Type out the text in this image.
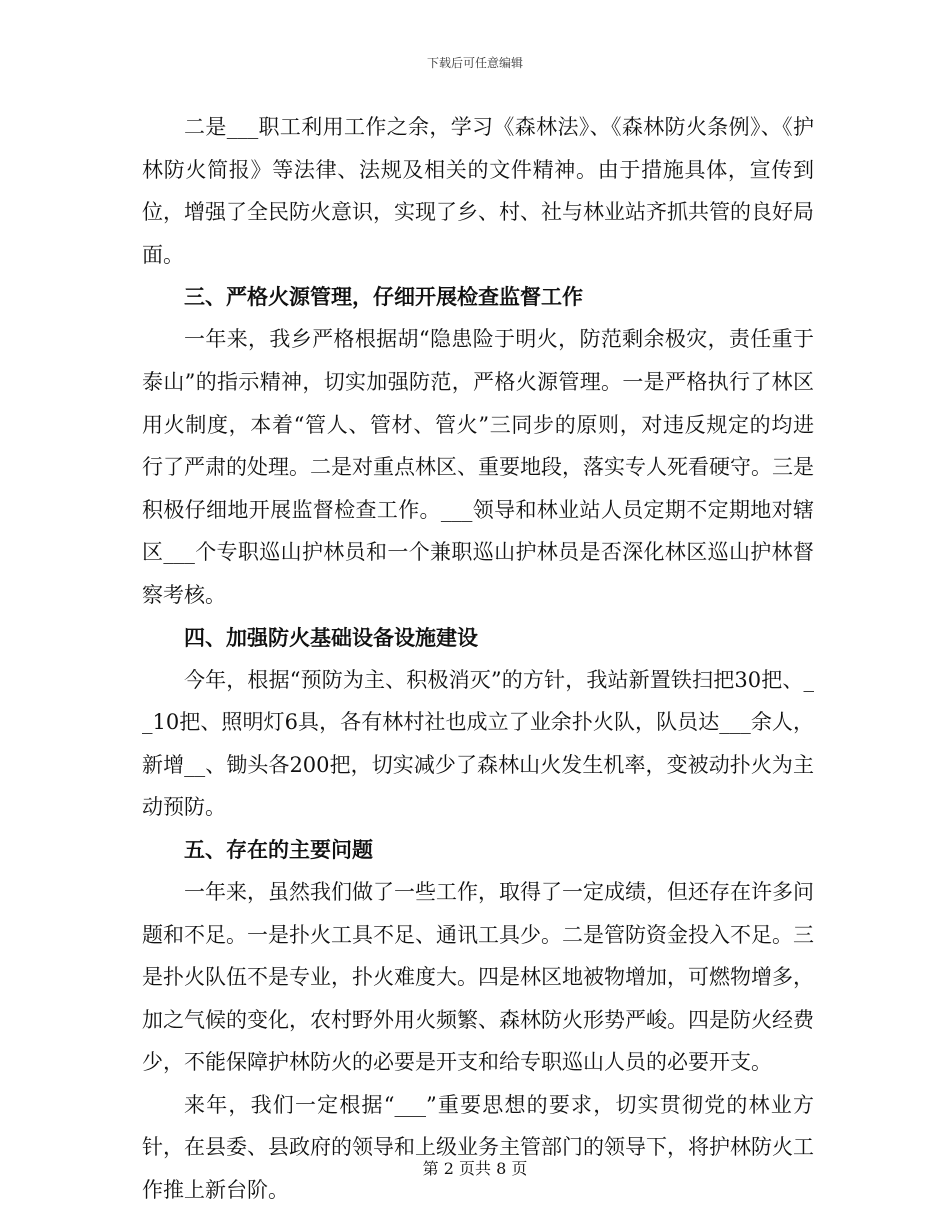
下载后可任意编辑

二是___职工利用工作之余，学习《森林法》、《森林防火条例》、《护林防火简报》等法律、法规及相关的文件精神。由于措施具体，宣传到位，增强了全民防火意识，实现了乡、村、社与林业站齐抓共管的良好局面。

三、严格火源管理，仔细开展检查监督工作

一年来，我乡严格根据胡“隐患险于明火，防范剩余极灾，责任重于泰山”的指示精神，切实加强防范，严格火源管理。一是严格执行了林区用火制度，本着“管人、管材、管火”三同步的原则，对违反规定的均进行了严肃的处理。二是对重点林区、重要地段，落实专人死看硬守。三是积极仔细地开展监督检查工作。___领导和林业站人员定期不定期地对辖区___个专职巡山护林员和一个兼职巡山护林员是否深化林区巡山护林督察考核。

四、加强防火基础设备设施建设

今年，根据“预防为主、积极消灭”的方针，我站新置铁扫把30把、__10把、照明灯6具，各有林村社也成立了业余扑火队，队员达___余人，新增__、锄头各200把，切实减少了森林山火发生机率，变被动扑火为主动预防。

五、存在的主要问题

一年来，虽然我们做了一些工作，取得了一定成绩，但还存在许多问题和不足。一是扑火工具不足、通讯工具少。二是管防资金投入不足。三是扑火队伍不是专业，扑火难度大。四是林区地被物增加，可燃物增多，加之气候的变化，农村野外用火频繁、森林防火形势严峻。四是防火经费少，不能保障护林防火的必要是开支和给专职巡山人员的必要开支。

来年，我们一定根据“___”重要思想的要求，切实贯彻党的林业方针，在县委、县政府的领导和上级业务主管部门的领导下，将护林防火工作推上新台阶。

第 2 页共 8 页
